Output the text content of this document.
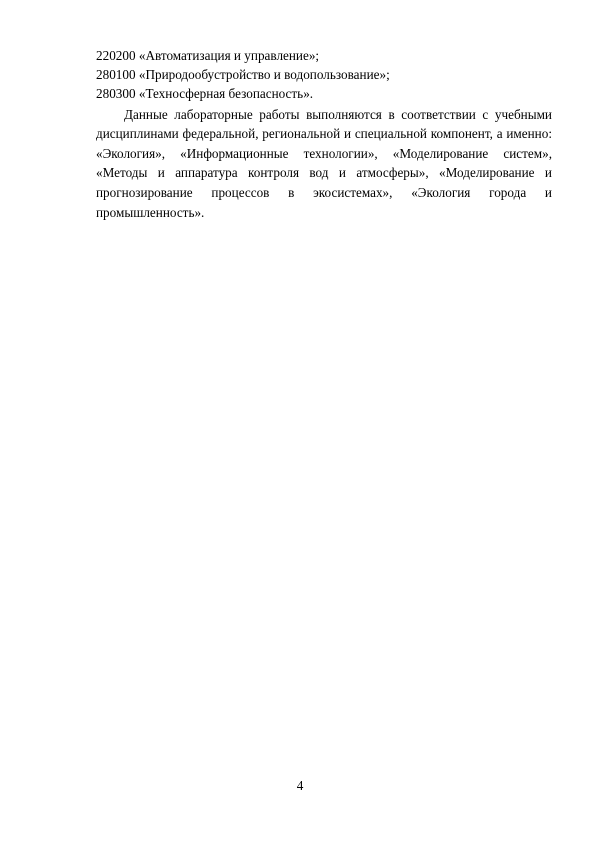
220200 «Автоматизация и управление»;
280100 «Природообустройство и водопользование»;
280300 «Техносферная безопасность».

Данные лабораторные работы выполняются в соответствии с учебными дисциплинами федеральной, региональной и специальной компонент, а именно: «Экология», «Информационные технологии», «Моделирование систем», «Методы и аппаратура контроля вод и атмосферы», «Моделирование и прогнозирование процессов в экосистемах», «Экология города и промышленность».

4
